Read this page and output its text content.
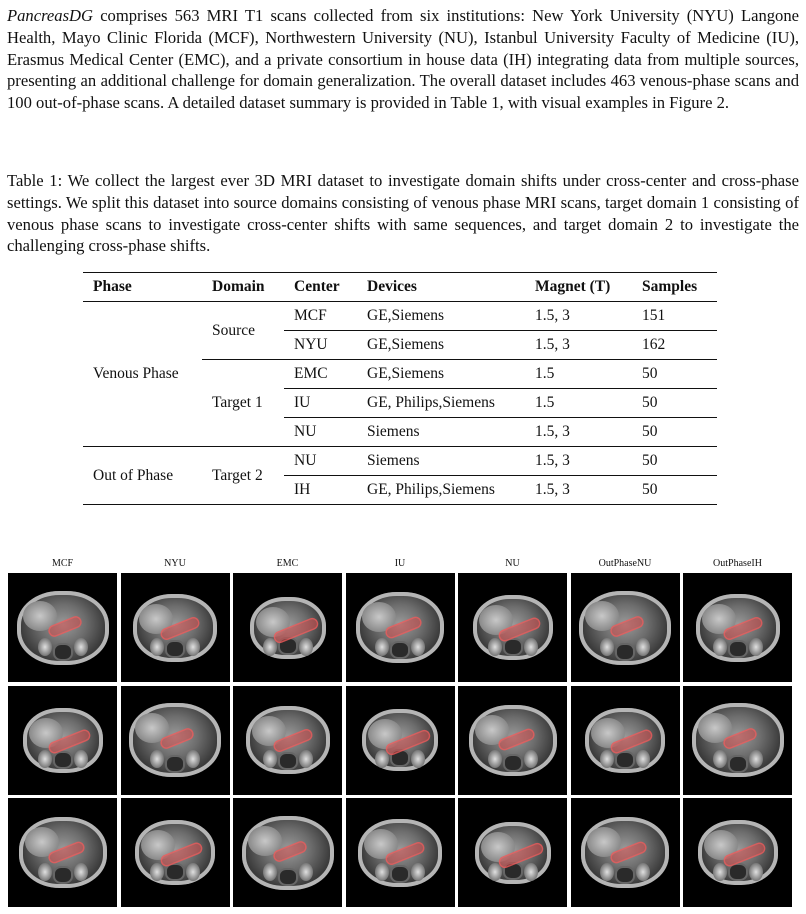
PancreasDG comprises 563 MRI T1 scans collected from six institutions: New York University (NYU) Langone Health, Mayo Clinic Florida (MCF), Northwestern University (NU), Istanbul University Faculty of Medicine (IU), Erasmus Medical Center (EMC), and a private consortium in house data (IH) integrating data from multiple sources, presenting an additional challenge for domain generalization. The overall dataset includes 463 venous-phase scans and 100 out-of-phase scans. A detailed dataset summary is provided in Table 1, with visual examples in Figure 2.
Table 1: We collect the largest ever 3D MRI dataset to investigate domain shifts under cross-center and cross-phase settings. We split this dataset into source domains consisting of venous phase MRI scans, target domain 1 consisting of venous phase scans to investigate cross-center shifts with same sequences, and target domain 2 to investigate the challenging cross-phase shifts.
Phase	Domain	Center	Devices	Magnet (T)	Samples
Venous Phase	Source	MCF	GE,Siemens	1.5, 3	151
		NYU	GE,Siemens	1.5, 3	162
	Target 1	EMC	GE,Siemens	1.5	50
		IU	GE, Philips,Siemens	1.5	50
		NU	Siemens	1.5, 3	50
Out of Phase	Target 2	NU	Siemens	1.5, 3	50
		IH	GE, Philips,Siemens	1.5, 3	50
MCF	NYU	EMC	IU	NU	OutPhaseNU	OutPhaseIH
